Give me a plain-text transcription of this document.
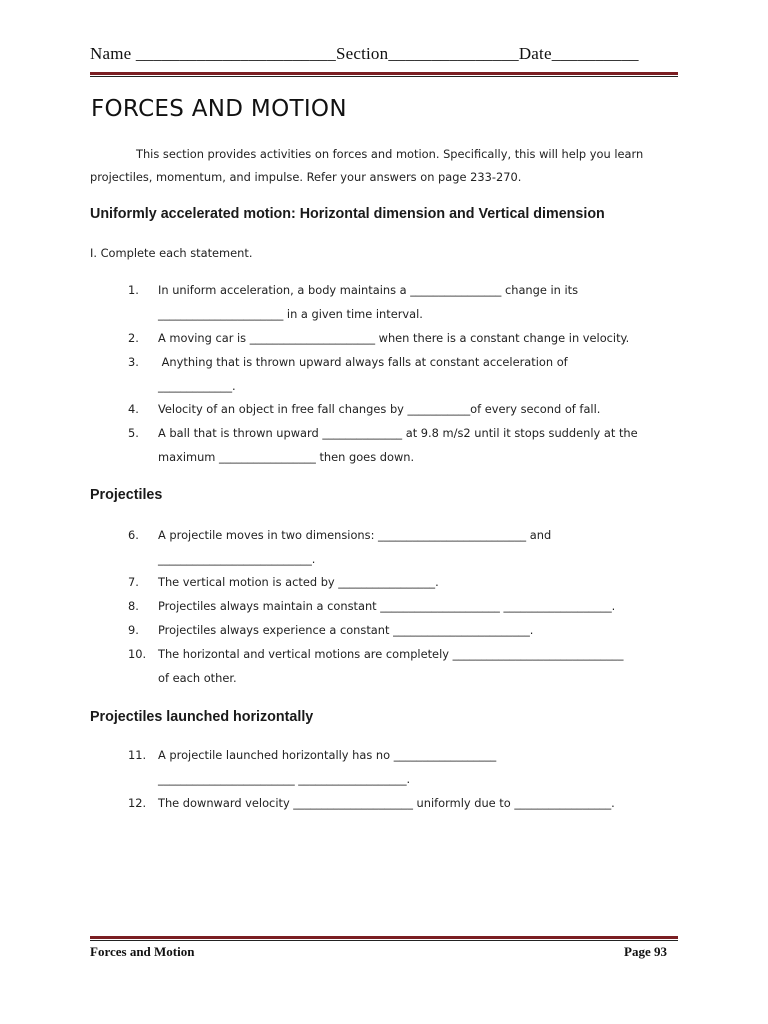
Name _______________________Section_______________Date__________
FORCES AND MOTION
This section provides activities on forces and motion. Specifically, this will help you learn
projectiles, momentum, and impulse. Refer your answers on page 233-270.
Uniformly accelerated motion: Horizontal dimension and Vertical dimension
I. Complete each statement.
1. In uniform acceleration, a body maintains a ________________ change in its
______________________ in a given time interval.
2. A moving car is ______________________ when there is a constant change in velocity.
3. Anything that is thrown upward always falls at constant acceleration of
_____________.
4. Velocity of an object in free fall changes by ___________of every second of fall.
5. A ball that is thrown upward ______________ at 9.8 m/s2 until it stops suddenly at the
maximum _________________ then goes down.
Projectiles
6. A projectile moves in two dimensions: __________________________ and
___________________________.
7. The vertical motion is acted by _________________.
8. Projectiles always maintain a constant _____________________ ___________________.
9. Projectiles always experience a constant ________________________.
10. The horizontal and vertical motions are completely ______________________________
of each other.
Projectiles launched horizontally
11. A projectile launched horizontally has no __________________
________________________ ___________________.
12. The downward velocity _____________________ uniformly due to _________________.
Forces and Motion	Page 93
